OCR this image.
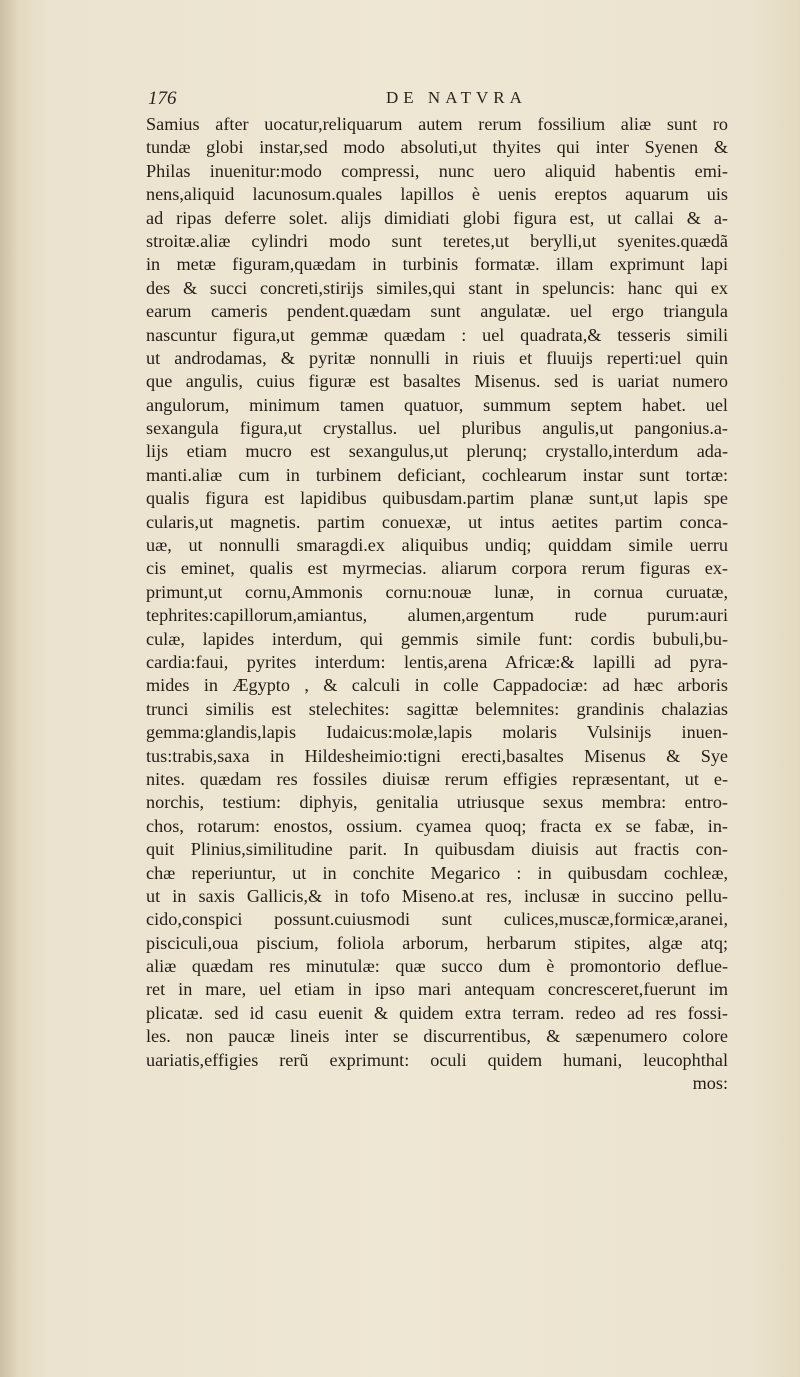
176	DE NATVRA
Samius after uocatur,reliquarum autem rerum fossilium aliæ sunt ro
tundæ globi instar,sed modo absoluti,ut thyites qui inter Syenen &
Philas inuenitur:modo compressi, nunc uero aliquid habentis emi-
nens,aliquid lacunosum.quales lapillos è uenis ereptos aquarum uis
ad ripas deferre solet. alijs dimidiati globi figura est, ut callai & a-
stroitæ.aliæ cylindri modo sunt teretes,ut berylli,ut syenites.quædã
in metæ figuram,quædam in turbinis formatæ. illam exprimunt lapi
des & succi concreti,stirijs similes,qui stant in speluncis: hanc qui ex
earum cameris pendent.quædam sunt angulatæ. uel ergo triangula
nascuntur figura,ut gemmæ quædam : uel quadrata,& tesseris simili
ut androdamas, & pyritæ nonnulli in riuis et fluuijs reperti:uel quin
que angulis, cuius figuræ est basaltes Misenus. sed is uariat numero
angulorum, minimum tamen quatuor, summum septem habet. uel
sexangula figura,ut crystallus. uel pluribus angulis,ut pangonius.a-
lijs etiam mucro est sexangulus,ut plerunq; crystallo,interdum ada-
manti.aliæ cum in turbinem deficiant, cochlearum instar sunt tortæ:
qualis figura est lapidibus quibusdam.partim planæ sunt,ut lapis spe
cularis,ut magnetis. partim conuexæ, ut intus aetites partim conca-
uæ, ut nonnulli smaragdi.ex aliquibus undiq; quiddam simile uerru
cis eminet, qualis est myrmecias. aliarum corpora rerum figuras ex-
primunt,ut cornu,Ammonis cornu:nouæ lunæ, in cornua curuatæ,
tephrites:capillorum,amiantus, alumen,argentum rude purum:auri
culæ, lapides interdum, qui gemmis simile funt: cordis bubuli,bu-
cardia:faui, pyrites interdum: lentis,arena Africæ:& lapilli ad pyra-
mides in Ægypto , & calculi in colle Cappadociæ: ad hæc arboris
trunci similis est stelechites: sagittæ belemnites: grandinis chalazias
gemma:glandis,lapis Iudaicus:molæ,lapis molaris Vulsinijs inuen-
tus:trabis,saxa in Hildesheimio:tigni erecti,basaltes Misenus & Sye
nites. quædam res fossiles diuisæ rerum effigies repræsentant, ut e-
norchis, testium: diphyis, genitalia utriusque sexus membra: entro-
chos, rotarum: enostos, ossium. cyamea quoq; fracta ex se fabæ, in-
quit Plinius,similitudine parit. In quibusdam diuisis aut fractis con-
chæ reperiuntur, ut in conchite Megarico : in quibusdam cochleæ,
ut in saxis Gallicis,& in tofo Miseno.at res, inclusæ in succino pellu-
cido,conspici possunt.cuiusmodi sunt culices,muscæ,formicæ,aranei,
pisciculi,oua piscium, foliola arborum, herbarum stipites, algæ atq;
aliæ quædam res minutulæ: quæ succo dum è promontorio deflue-
ret in mare, uel etiam in ipso mari antequam concresceret,fuerunt im
plicatæ. sed id casu euenit & quidem extra terram. redeo ad res fossi-
les. non paucæ lineis inter se discurrentibus, & sæpenumero colore
uariatis,effigies rerũ exprimunt: oculi quidem humani, leucophthal
mos:
